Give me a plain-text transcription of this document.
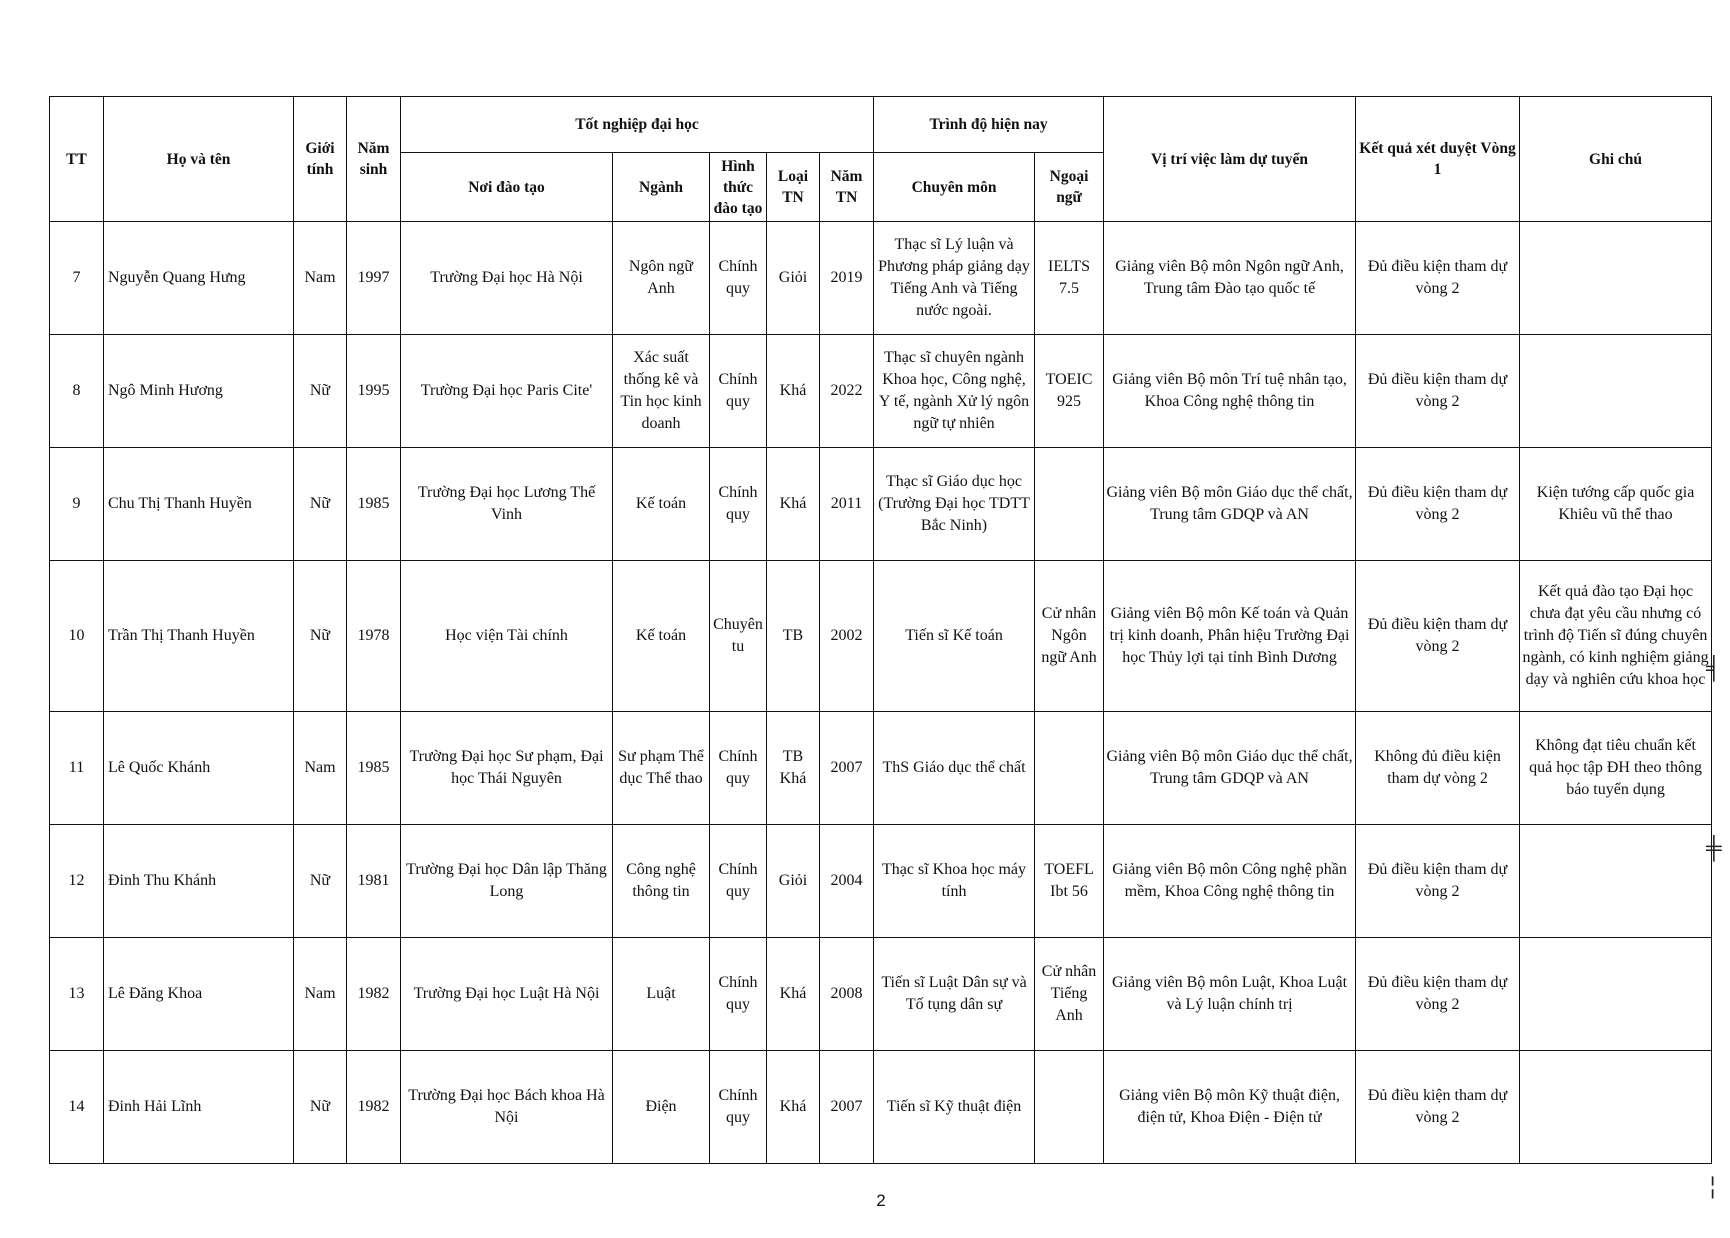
TT	Họ và tên	Giới tính	Năm sinh	Tốt nghiệp đại học					Trình độ hiện nay		Vị trí việc làm dự tuyển	Kết quả xét duyệt Vòng 1	Ghi chú
				Nơi đào tạo	Ngành	Hình thức đào tạo	Loại TN	Năm TN	Chuyên môn	Ngoại ngữ			
7	Nguyễn Quang Hưng	Nam	1997	Trường Đại học Hà Nội	Ngôn ngữ Anh	Chính quy	Giỏi	2019	Thạc sĩ Lý luận và Phương pháp giảng dạy Tiếng Anh và Tiếng nước ngoài.	IELTS 7.5	Giảng viên Bộ môn Ngôn ngữ Anh, Trung tâm Đào tạo quốc tế	Đủ điều kiện tham dự vòng 2	
8	Ngô Minh Hương	Nữ	1995	Trường Đại học Paris Cite'	Xác suất thống kê và Tin học kinh doanh	Chính quy	Khá	2022	Thạc sĩ chuyên ngành Khoa học, Công nghệ, Y tế, ngành Xử lý ngôn ngữ tự nhiên	TOEIC 925	Giảng viên Bộ môn Trí tuệ nhân tạo, Khoa Công nghệ thông tin	Đủ điều kiện tham dự vòng 2	
9	Chu Thị Thanh Huyền	Nữ	1985	Trường Đại học Lương Thế Vinh	Kế toán	Chính quy	Khá	2011	Thạc sĩ Giáo dục học (Trường Đại học TDTT Bắc Ninh)		Giảng viên Bộ môn Giáo dục thể chất, Trung tâm GDQP và AN	Đủ điều kiện tham dự vòng 2	Kiện tướng cấp quốc gia Khiêu vũ thể thao
10	Trần Thị Thanh Huyền	Nữ	1978	Học viện Tài chính	Kế toán	Chuyên tu	TB	2002	Tiến sĩ Kế toán	Cử nhân Ngôn ngữ Anh	Giảng viên Bộ môn Kế toán và Quản trị kinh doanh, Phân hiệu Trường Đại học Thủy lợi tại tỉnh Bình Dương	Đủ điều kiện tham dự vòng 2	Kết quả đào tạo Đại học chưa đạt yêu cầu nhưng có trình độ Tiến sĩ đúng chuyên ngành, có kinh nghiệm giảng dạy và nghiên cứu khoa học
11	Lê Quốc Khánh	Nam	1985	Trường Đại học Sư phạm, Đại học Thái Nguyên	Sư phạm Thể dục Thể thao	Chính quy	TB Khá	2007	ThS Giáo dục thể chất		Giảng viên Bộ môn Giáo dục thể chất, Trung tâm GDQP và AN	Không đủ điều kiện tham dự vòng 2	Không đạt tiêu chuẩn kết quả học tập ĐH theo thông báo tuyển dụng
12	Đinh Thu Khánh	Nữ	1981	Trường Đại học Dân lập Thăng Long	Công nghệ thông tin	Chính quy	Giỏi	2004	Thạc sĩ Khoa học máy tính	TOEFL Ibt 56	Giảng viên Bộ môn Công nghệ phần mềm, Khoa Công nghệ thông tin	Đủ điều kiện tham dự vòng 2	
13	Lê Đăng Khoa	Nam	1982	Trường Đại học Luật Hà Nội	Luật	Chính quy	Khá	2008	Tiến sĩ Luật Dân sự và Tố tụng dân sự	Cử nhân Tiếng Anh	Giảng viên Bộ môn Luật, Khoa Luật và Lý luận chính trị	Đủ điều kiện tham dự vòng 2	
14	Đinh Hải Lĩnh	Nữ	1982	Trường Đại học Bách khoa Hà Nội	Điện	Chính quy	Khá	2007	Tiến sĩ Kỹ thuật điện		Giảng viên Bộ môn Kỹ thuật điện, điện tử, Khoa Điện - Điện tử	Đủ điều kiện tham dự vòng 2	
2
╡
╪
╎
